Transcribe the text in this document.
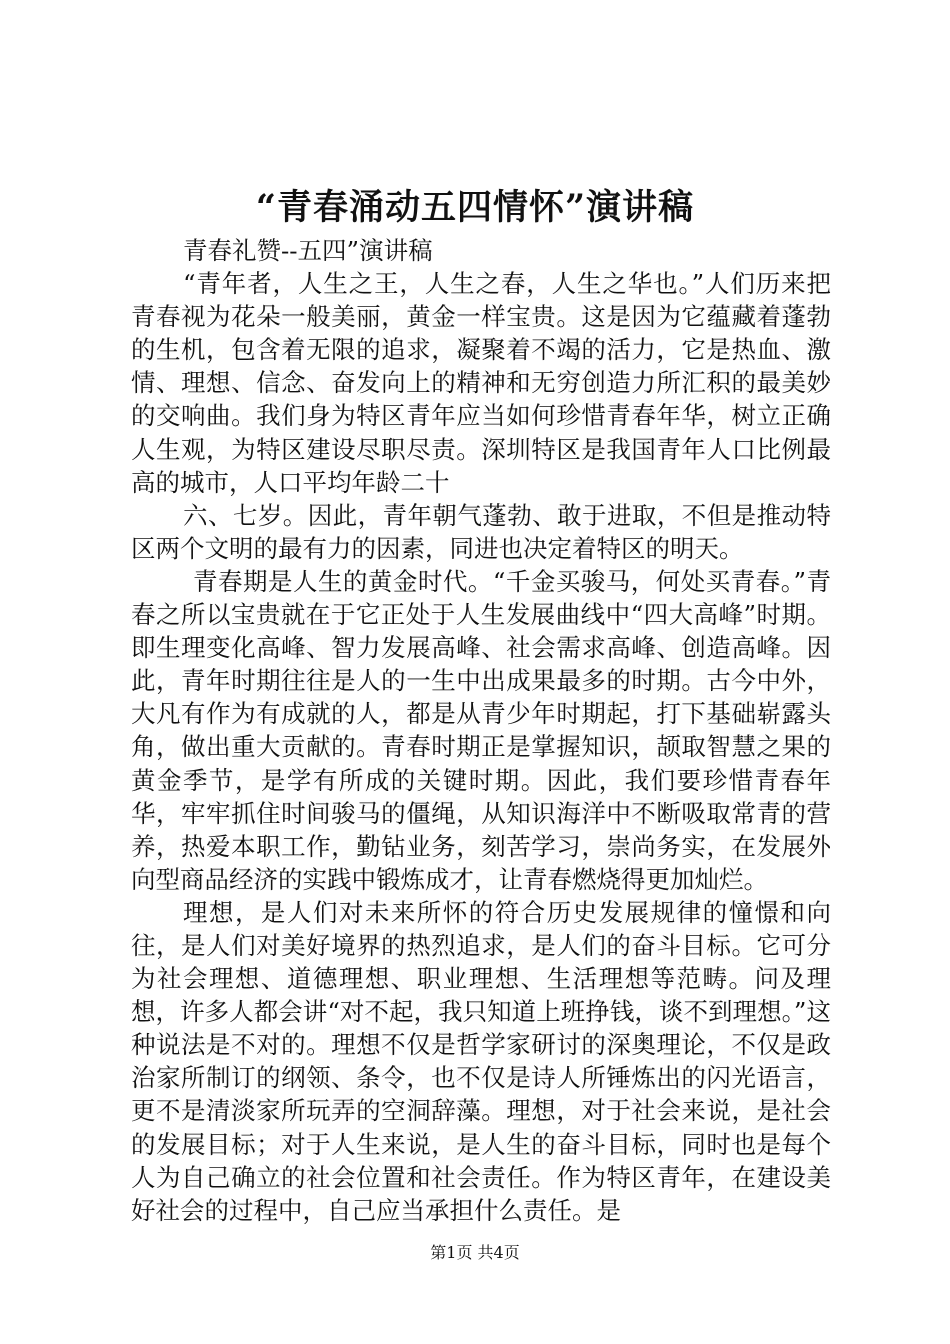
“青春涌动五四情怀”演讲稿

青春礼赞--五四”演讲稿

“青年者，人生之王，人生之春，人生之华也。”人们历来把青春视为花朵一般美丽，黄金一样宝贵。这是因为它蕴藏着蓬勃的生机，包含着无限的追求，凝聚着不竭的活力，它是热血、激情、理想、信念、奋发向上的精神和无穷创造力所汇积的最美妙的交响曲。我们身为特区青年应当如何珍惜青春年华，树立正确人生观，为特区建设尽职尽责。深圳特区是我国青年人口比例最高的城市，人口平均年龄二十

六、七岁。因此，青年朝气蓬勃、敢于进取，不但是推动特区两个文明的最有力的因素，同进也决定着特区的明天。

青春期是人生的黄金时代。“千金买骏马，何处买青春。”青春之所以宝贵就在于它正处于人生发展曲线中“四大高峰”时期。即生理变化高峰、智力发展高峰、社会需求高峰、创造高峰。因此，青年时期往往是人的一生中出成果最多的时期。古今中外，大凡有作为有成就的人，都是从青少年时期起，打下基础崭露头角，做出重大贡献的。青春时期正是掌握知识，颉取智慧之果的黄金季节，是学有所成的关键时期。因此，我们要珍惜青春年华，牢牢抓住时间骏马的僵绳，从知识海洋中不断吸取常青的营养，热爱本职工作，勤钻业务，刻苦学习，崇尚务实，在发展外向型商品经济的实践中锻炼成才，让青春燃烧得更加灿烂。

理想，是人们对未来所怀的符合历史发展规律的憧憬和向往，是人们对美好境界的热烈追求，是人们的奋斗目标。它可分为社会理想、道德理想、职业理想、生活理想等范畴。问及理想，许多人都会讲“对不起，我只知道上班挣钱，谈不到理想。”这种说法是不对的。理想不仅是哲学家研讨的深奥理论，不仅是政治家所制订的纲领、条令，也不仅是诗人所锤炼出的闪光语言，更不是清淡家所玩弄的空洞辞藻。理想，对于社会来说，是社会的发展目标；对于人生来说，是人生的奋斗目标，同时也是每个人为自己确立的社会位置和社会责任。作为特区青年，在建设美好社会的过程中，自己应当承担什么责任。是

第1页 共4页
